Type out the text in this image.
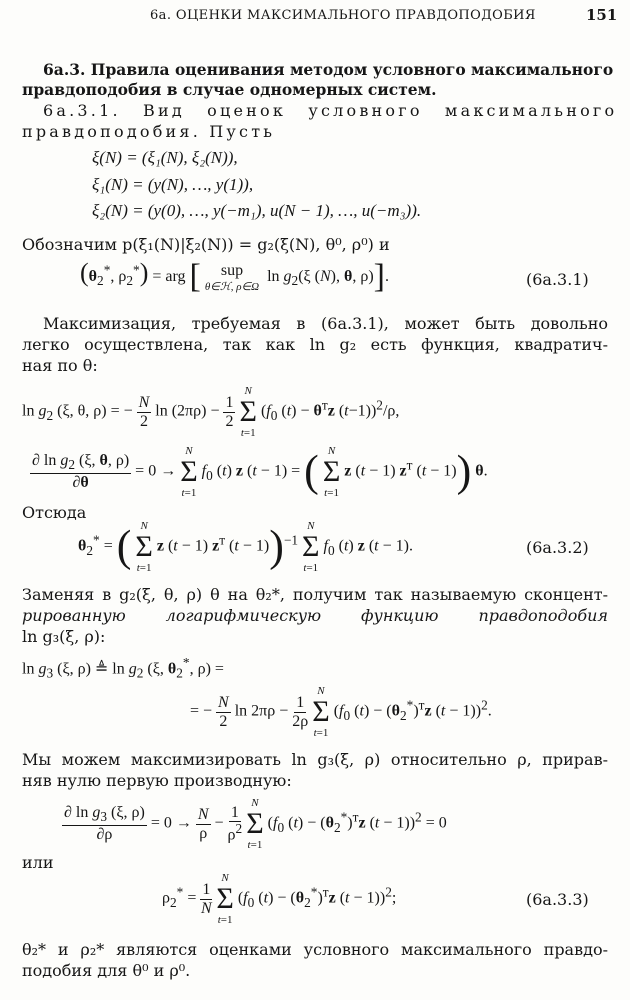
6а. ОЦЕНКИ МАКСИМАЛЬНОГО ПРАВДОПОДОБИЯ	151
6а.3. Правила оценивания методом условного максимального
правдоподобия в случае одномерных систем.
6а.3.1. Вид оценок условного максимального
правдоподобия. Пусть
ξ(N) = (ξ₁(N), ξ₂(N)),
ξ₁(N) = (y(N), …, y(1)),
ξ₂(N) = (y(0), …, y(−m₁), u(N − 1), …, u(−m₃)).
Обозначим p(ξ₁(N)|ξ₂(N)) = g₂(ξ(N), θ⁰, ρ⁰) и
($\theta_2^*$, $\rho_2^*$) = arg [ sup
θ∈ℋ, ρ∈Ω
$\ln g_2(\xi$ (N), θ, ρ)].	(6а.3.1)
Максимизация, требуемая в (6а.3.1), может быть довольно
легко осуществлена, так как ln g₂ есть функция, квадратич-
ная по θ:
$\ln g_2$ (ξ, θ, ρ) = − $\frac{N}{2}$ $\ln (2\pi\rho) - \frac{1}{2}$

N
Σ
t=1
($f_0$ $(t) - \theta^тz$ (t−1))$^2$/ρ,
$\frac{\partial \ln g_2 (\xi, \theta, \rho)}{\partial\theta} = 0$ →
N
Σ
t=1
$f_0$ (t) z (t − 1) = ( N
Σ
t=1
z (t − 1) $z^т$ (t − 1)) θ.
Отсюда
$\theta_2^*$ = ( N
Σ
t=1
z (t − 1) $z^т$ (t − 1))$^{-1}$
N
Σ
t=1
$f_0$ (t) z (t − 1).	(6а.3.2)
Заменяя в g₂(ξ, θ, ρ) θ на θ₂*, получим так называемую сконцент-
рированную логарифмическую функцию правдоподобия
ln g₃(ξ, ρ):
$\ln g_3$ (ξ, ρ) ≜ $\ln g_2$ (ξ, $\theta_2^*$, ρ) =
= − $\frac{N}{2}$ $\ln 2\pi\rho - \frac{1}{2\rho}$

N
Σ
t=1
($f_0$ $(t) - (\theta_2^*)^тz$ (t − 1))$^2$.
Мы можем максимизировать ln g₃(ξ, ρ) относительно ρ, прирав-
няв нулю первую производную:
$\frac{\partial \ln g_3 (\xi, \rho)}{\partial\rho} = 0 \to \frac{N}{\rho} - \frac{1}{\rho^2}$

N
Σ
t=1
($f_0$ $(t) - (\theta_2^*)^тz$ (t − 1))$^2$ = 0
или
$\rho_2^* = \frac{1}{N}$

N
Σ
t=1
($f_0$ $(t) - (\theta_2^*)^тz$ (t − 1))$^2$;	(6а.3.3)
θ₂* и ρ₂* являются оценками условного максимального правдо-
подобия для θ⁰ и ρ⁰.
